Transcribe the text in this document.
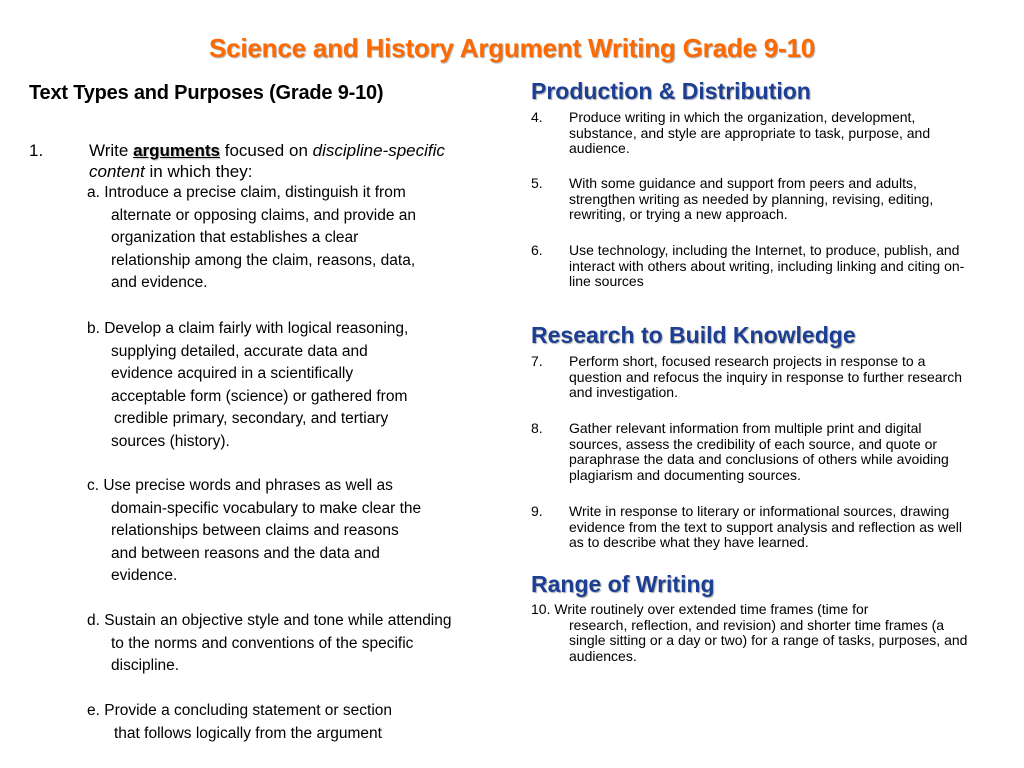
Science and History Argument Writing Grade 9-10
Text Types and Purposes (Grade 9-10)
1.	Write arguments focused on discipline-specific
content in which they:
a. Introduce a precise claim, distinguish it from
alternate or opposing claims, and provide an
organization that establishes a clear
relationship among the claim, reasons, data,
and evidence.
b. Develop a claim fairly with logical reasoning,
supplying detailed, accurate data and
evidence acquired in a scientifically
acceptable form (science) or gathered from
credible primary, secondary, and tertiary
sources (history).
c. Use precise words and phrases as well as
domain-specific vocabulary to make clear the
relationships between claims and reasons
and between reasons and the data and
evidence.
d. Sustain an objective style and tone while attending
to the norms and conventions of the specific
discipline.
e. Provide a concluding statement or section
that follows logically from the argument
Production & Distribution
4. Produce writing in which the organization, development, substance, and style are appropriate to task, purpose, and audience.
5. With some guidance and support from peers and adults, strengthen writing as needed by planning, revising, editing, rewriting, or trying a new approach.
6. Use technology, including the Internet, to produce, publish, and interact with others about writing, including linking and citing on-line sources
Research to Build Knowledge
7. Perform short, focused research projects in response to a question and refocus the inquiry in response to further research and investigation.
8. Gather relevant information from multiple print and digital sources, assess the credibility of each source, and quote or paraphrase the data and conclusions of others while avoiding plagiarism and documenting sources.
9. Write in response to literary or informational sources, drawing evidence from the text to support analysis and reflection as well as to describe what they have learned.
Range of Writing
10. Write routinely over extended time frames (time for
research, reflection, and revision) and shorter time frames (a single sitting or a day or two) for a range of tasks, purposes, and audiences.
